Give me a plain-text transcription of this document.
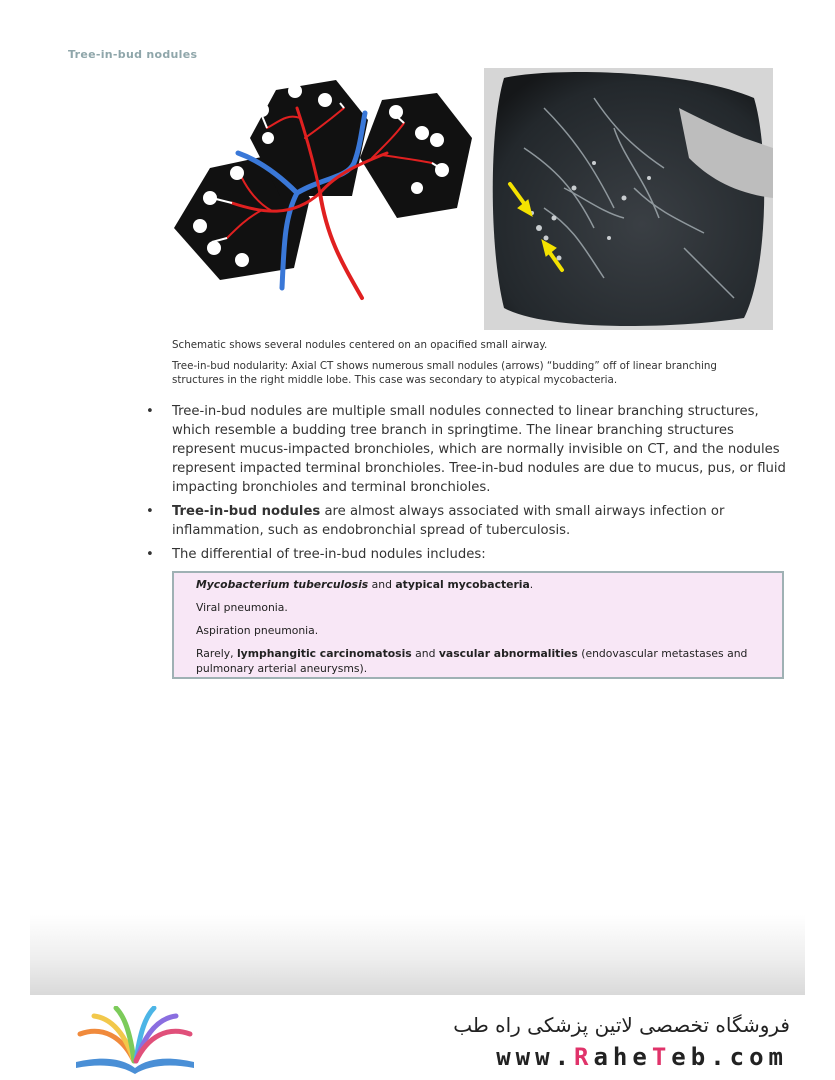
Tree-in-bud nodules
Schematic shows several nodules centered on an opacified small airway.
Tree-in-bud nodularity: Axial CT shows numerous small nodules (arrows) “budding” off of linear branching structures in the right middle lobe. This case was secondary to atypical mycobacteria.
• Tree-in-bud nodules are multiple small nodules connected to linear branching structures, which resemble a budding tree branch in springtime. The linear branching structures represent mucus-impacted bronchioles, which are normally invisible on CT, and the nodules represent impacted terminal bronchioles. Tree-in-bud nodules are due to mucus, pus, or fluid impacting bronchioles and terminal bronchioles.
• Tree-in-bud nodules are almost always associated with small airways infection or inflammation, such as endobronchial spread of tuberculosis.
• The differential of tree-in-bud nodules includes:
Mycobacterium tuberculosis and atypical mycobacteria.
Viral pneumonia.
Aspiration pneumonia.
Rarely, lymphangitic carcinomatosis and vascular abnormalities (endovascular metastases and pulmonary arterial aneurysms).
فروشگاه تخصصی لاتین پزشکی راه طب
www.RaheTeb.com
